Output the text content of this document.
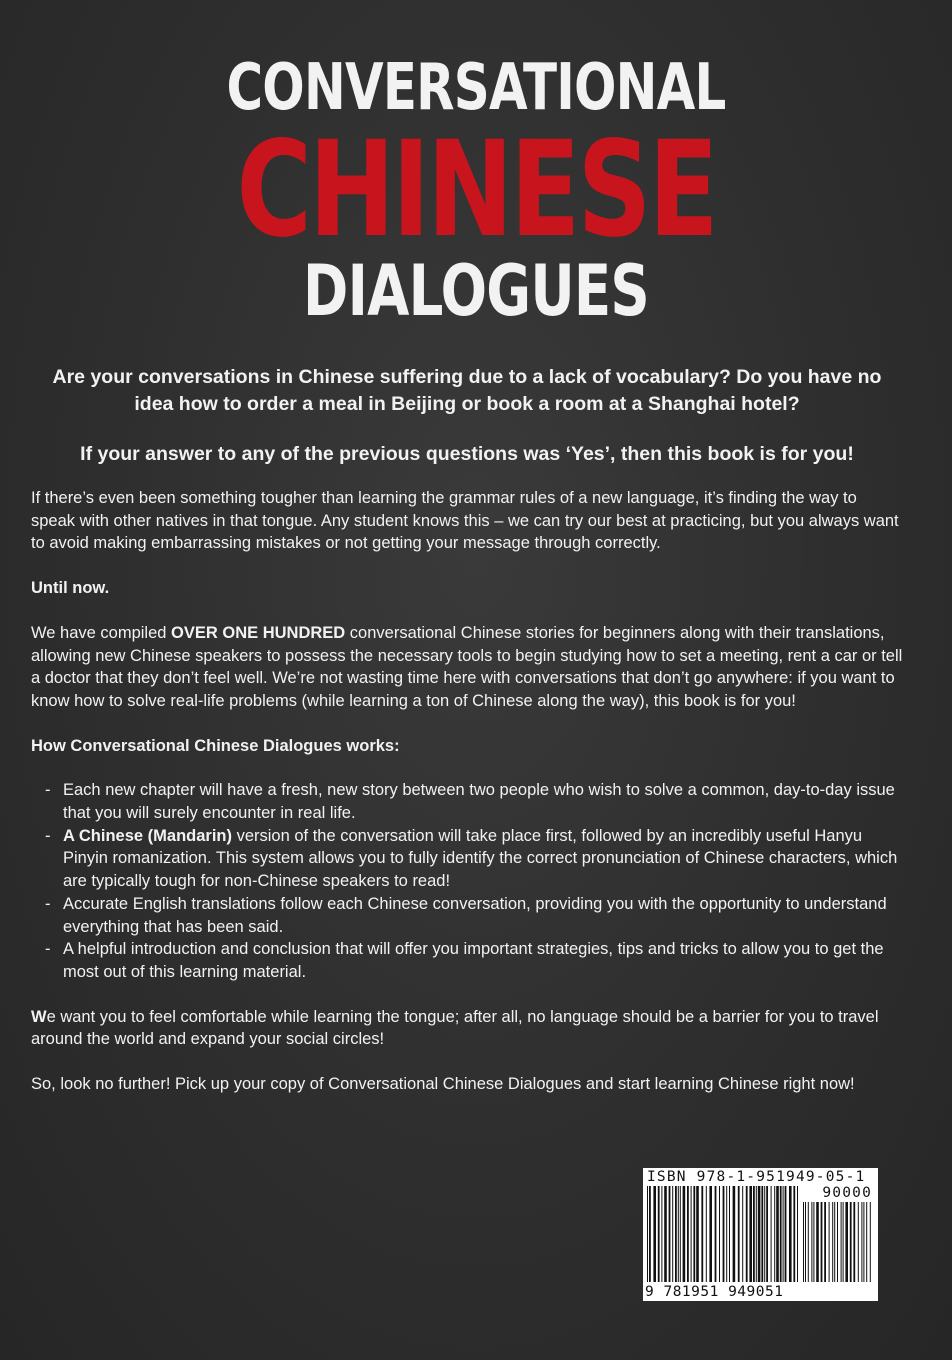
CONVERSATIONAL
CHINESE
DIALOGUES

Are your conversations in Chinese suffering due to a lack of vocabulary? Do you have no idea how to order a meal in Beijing or book a room at a Shanghai hotel?

If your answer to any of the previous questions was ‘Yes’, then this book is for you!

If there’s even been something tougher than learning the grammar rules of a new language, it’s finding the way to speak with other natives in that tongue. Any student knows this – we can try our best at practicing, but you always want to avoid making embarrassing mistakes or not getting your message through correctly.

Until now.

We have compiled OVER ONE HUNDRED conversational Chinese stories for beginners along with their translations, allowing new Chinese speakers to possess the necessary tools to begin studying how to set a meeting, rent a car or tell a doctor that they don’t feel well. We’re not wasting time here with conversations that don’t go anywhere: if you want to know how to solve real-life problems (while learning a ton of Chinese along the way), this book is for you!

How Conversational Chinese Dialogues works:

- Each new chapter will have a fresh, new story between two people who wish to solve a common, day-to-day issue that you will surely encounter in real life.
- A Chinese (Mandarin) version of the conversation will take place first, followed by an incredibly useful Hanyu Pinyin romanization. This system allows you to fully identify the correct pronunciation of Chinese characters, which are typically tough for non-Chinese speakers to read!
- Accurate English translations follow each Chinese conversation, providing you with the opportunity to understand everything that has been said.
- A helpful introduction and conclusion that will offer you important strategies, tips and tricks to allow you to get the most out of this learning material.

We want you to feel comfortable while learning the tongue; after all, no language should be a barrier for you to travel around the world and expand your social circles!

So, look no further! Pick up your copy of Conversational Chinese Dialogues and start learning Chinese right now!

ISBN 978-1-951949-05-1
90000
9 781951 949051
